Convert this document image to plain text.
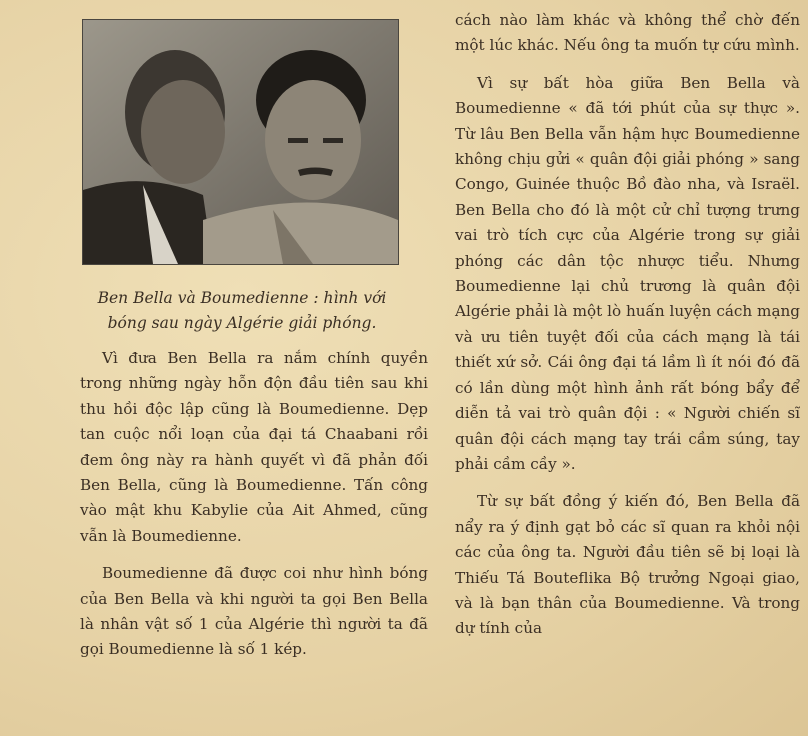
Ben Bella và Boumedienne : hình với bóng sau ngày Algérie giải phóng.

Vì đưa Ben Bella ra nắm chính quyền trong những ngày hỗn độn đầu tiên sau khi thu hồi độc lập cũng là Boumedienne. Dẹp tan cuộc nổi loạn của đại tá Chaabani rồi đem ông này ra hành quyết vì đã phản đối Ben Bella, cũng là Boumedienne. Tấn công vào mật khu Kabylie của Ait Ahmed, cũng vẫn là Boumedienne.

Boumedienne đã được coi như hình bóng của Ben Bella và khi người ta gọi Ben Bella là nhân vật số 1 của Algérie thì người ta đã gọi Boumedienne là số 1 kép.

cách nào làm khác và không thể chờ đến một lúc khác. Nếu ông ta muốn tự cứu mình.

Vì sự bất hòa giữa Ben Bella và Boumedienne « đã tới phút của sự thực ». Từ lâu Ben Bella vẫn hậm hực Boumedienne không chịu gửi « quân đội giải phóng » sang Congo, Guinée thuộc Bồ đào nha, và Israël. Ben Bella cho đó là một cử chỉ tượng trưng vai trò tích cực của Algérie trong sự giải phóng các dân tộc nhược tiểu. Nhưng Boumedienne lại chủ trương là quân đội Algérie phải là một lò huấn luyện cách mạng và ưu tiên tuyệt đối của cách mạng là tái thiết xứ sở. Cái ông đại tá lầm lì ít nói đó đã có lần dùng một hình ảnh rất bóng bẩy để diễn tả vai trò quân đội : « Người chiến sĩ quân đội cách mạng tay trái cầm súng, tay phải cầm cầy ».

Từ sự bất đồng ý kiến đó, Ben Bella đã nẩy ra ý định gạt bỏ các sĩ quan ra khỏi nội các của ông ta. Người đầu tiên sẽ bị loại là Thiếu Tá Bouteflika Bộ trưởng Ngoại giao, và là bạn thân của Boumedienne. Và trong dự tính của
